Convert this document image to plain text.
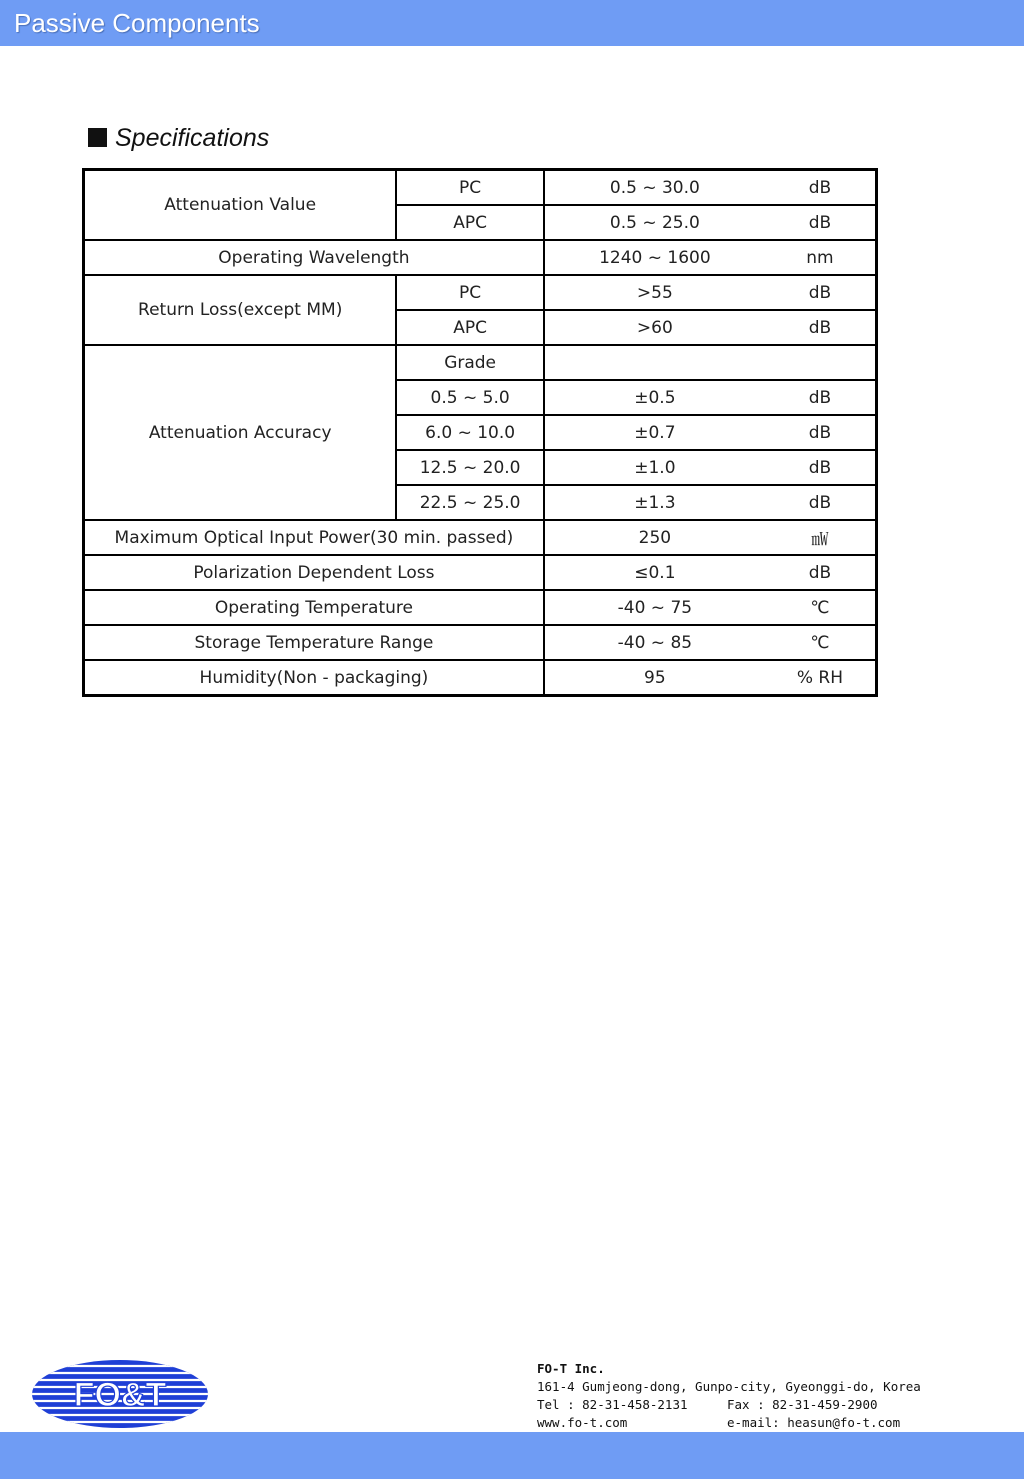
Passive Components
Specifications
Attenuation Value	PC	0.5 ~ 30.0	dB
	APC	0.5 ~ 25.0	dB
Operating Wavelength		1240 ~ 1600	nm
Return Loss(except MM)	PC	>55	dB
	APC	>60	dB
Attenuation Accuracy	Grade		
	0.5 ~ 5.0	±0.5	dB
	6.0 ~ 10.0	±0.7	dB
	12.5 ~ 20.0	±1.0	dB
	22.5 ~ 25.0	±1.3	dB
Maximum Optical Input Power(30 min. passed)		250	㎽
Polarization Dependent Loss		≤0.1	dB
Operating Temperature		-40 ~ 75	℃
Storage Temperature Range		-40 ~ 85	℃
Humidity(Non - packaging)		95	% RH
FO&T
FO-T Inc.
161-4 Gumjeong-dong, Gunpo-city, Gyeonggi-do, Korea
Tel : 82-31-458-2131	Fax : 82-31-459-2900
www.fo-t.com	e-mail: heasun@fo-t.com
